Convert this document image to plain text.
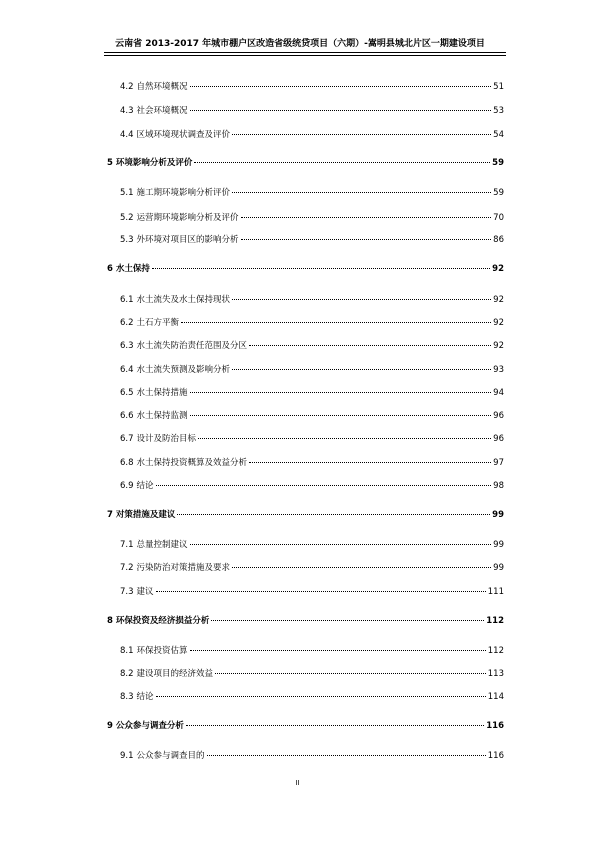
云南省 2013-2017 年城市棚户区改造省级统贷项目（六期）-嵩明县城北片区一期建设项目
4.2 自然环境概况	51
4.3 社会环境概况	53
4.4 区域环境现状调查及评价	54
5 环境影响分析及评价	59
5.1 施工期环境影响分析评价	59
5.2 运营期环境影响分析及评价	70
5.3 外环境对项目区的影响分析	86
6 水土保持	92
6.1 水土流失及水土保持现状	92
6.2 土石方平衡	92
6.3 水土流失防治责任范围及分区	92
6.4 水土流失预测及影响分析	93
6.5 水土保持措施	94
6.6 水土保持监测	96
6.7 设计及防治目标	96
6.8 水土保持投资概算及效益分析	97
6.9 结论	98
7 对策措施及建议	99
7.1 总量控制建议	99
7.2 污染防治对策措施及要求	99
7.3 建议	111
8 环保投资及经济损益分析	112
8.1 环保投资估算	112
8.2 建设项目的经济效益	113
8.3 结论	114
9 公众参与调查分析	116
9.1 公众参与调查目的	116
II
